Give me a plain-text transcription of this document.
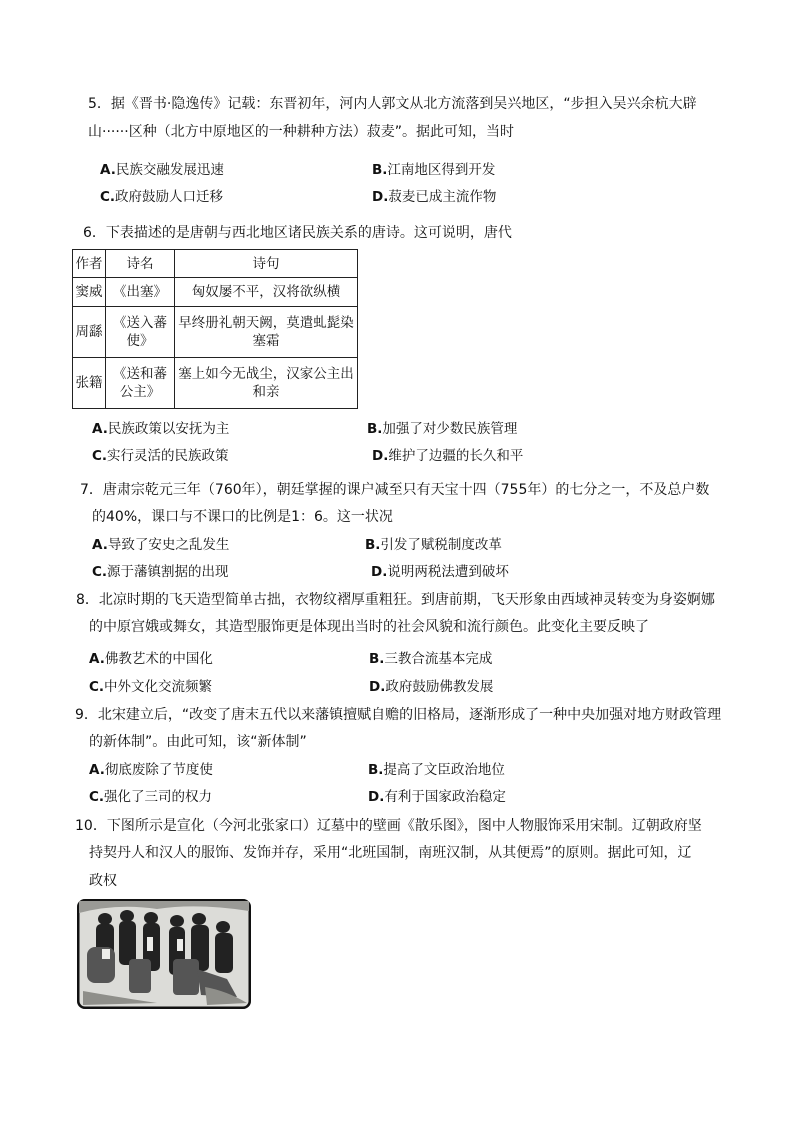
5．据《晋书·隐逸传》记载：东晋初年，河内人郭文从北方流落到吴兴地区，“步担入吴兴余杭大辟
山······区种（北方中原地区的一种耕种方法）菽麦”。据此可知，当时
A.民族交融发展迅速	B.江南地区得到开发
C.政府鼓励人口迁移	D.菽麦已成主流作物
6．下表描述的是唐朝与西北地区诸民族关系的唐诗。这可说明，唐代
作者	诗名	诗句
窦威	《出塞》	匈奴屡不平，汉将欲纵横
周繇	《送入蕃使》	早终册礼朝天阙，莫遣虬髭染塞霜
张籍	《送和蕃公主》	塞上如今无战尘，汉家公主出和亲
A.民族政策以安抚为主	B.加强了对少数民族管理
C.实行灵活的民族政策	D.维护了边疆的长久和平
7．唐肃宗乾元三年（760年），朝廷掌握的课户减至只有天宝十四（755年）的七分之一，不及总户数
的40%，课口与不课口的比例是1：6。这一状况
A.导致了安史之乱发生	B.引发了赋税制度改革
C.源于藩镇割据的出现	D.说明两税法遭到破坏
8．北凉时期的飞天造型简单古拙，衣物纹褶厚重粗狂。到唐前期，飞天形象由西域神灵转变为身姿婀娜
的中原宫娥或舞女，其造型服饰更是体现出当时的社会风貌和流行颜色。此变化主要反映了
A.佛教艺术的中国化	B.三教合流基本完成
C.中外文化交流频繁	D.政府鼓励佛教发展
9．北宋建立后，“改变了唐末五代以来藩镇擅赋自赡的旧格局，逐渐形成了一种中央加强对地方财政管理
的新体制”。由此可知，该“新体制”
A.彻底废除了节度使	B.提高了文臣政治地位
C.强化了三司的权力	D.有利于国家政治稳定
10．下图所示是宣化（今河北张家口）辽墓中的壁画《散乐图》，图中人物服饰采用宋制。辽朝政府坚
持契丹人和汉人的服饰、发饰并存，采用“北班国制，南班汉制，从其便焉”的原则。据此可知，辽
政权
